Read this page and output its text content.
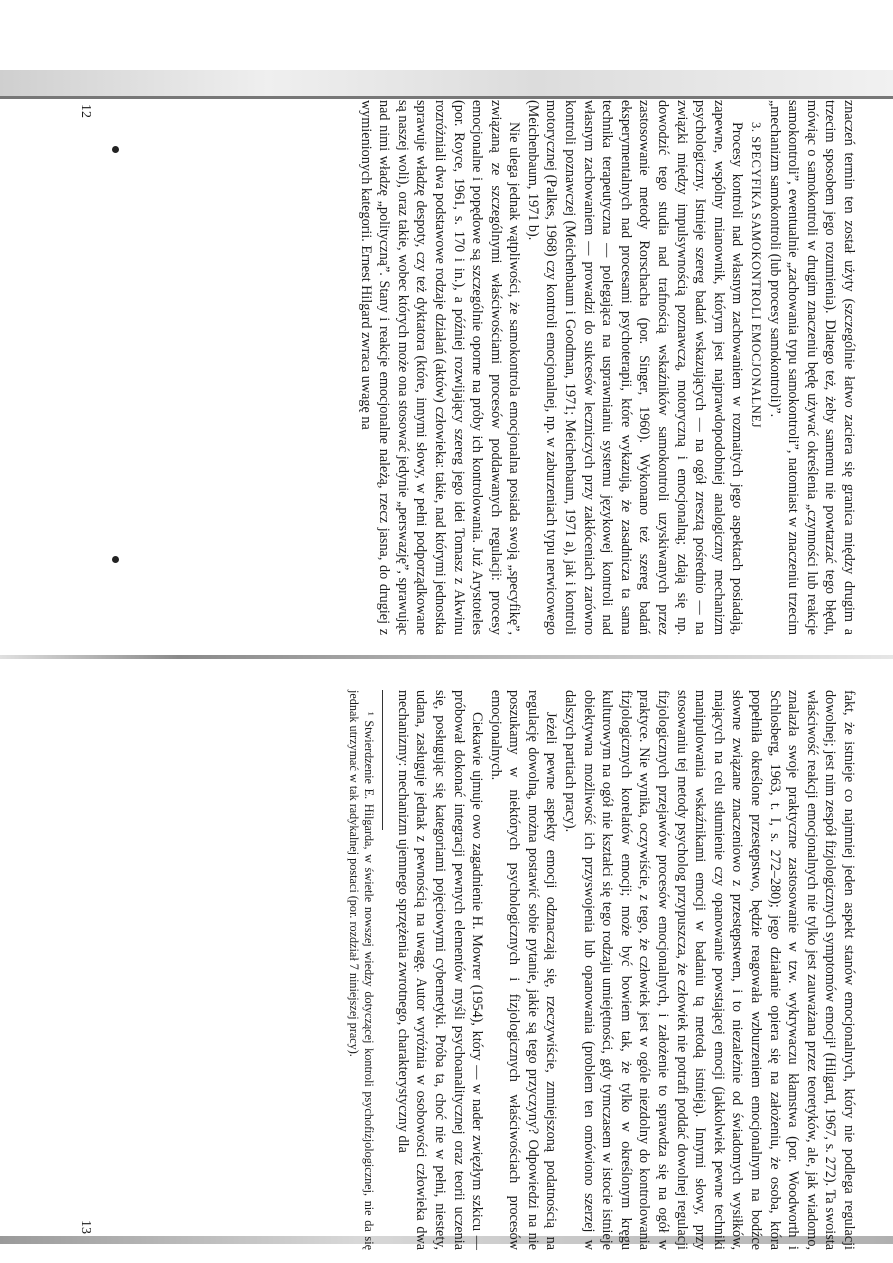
znaczeń termin ten został użyty (szczególnie łatwo zaciera się granica między drugim a trzecim sposobem jego rozumienia). Dlatego też, żeby samemu nie powtarzać tego błędu, mówiąc o samokontroli w drugim znaczeniu będę używać określenia „czynności lub reakcje samokontroli”, ewentualnie „zachowania typu samokontroli”, natomiast w znaczeniu trzecim „mechanizm samokontroli (lub procesy samokontroli)”.

3. SPECYFIKA SAMOKONTROLI EMOCJONALNEJ

Procesy kontroli nad własnym zachowaniem w rozmaitych jego aspektach posiadają, zapewne, wspólny mianownik, którym jest najprawdopodobniej analogiczny mechanizm psychologiczny. Istnieje szereg badań wskazujących — na ogół zresztą pośrednio — na związki między impulsywnością poznawczą, motoryczną i emocjonalną; zdają się np. dowodzić tego studia nad trafnością wskaźników samokontroli uzyskiwanych przez zastosowanie metody Rorschacha (por. Singer, 1960). Wykonano też szereg badań eksperymentalnych nad procesami psychoterapii, które wykazują, że zasadnicza ta sama technika terapeutyczna — polegająca na usprawnianiu systemu językowej kontroli nad własnym zachowaniem — prowadzi do sukcesów leczniczych przy zakłóceniach zarówno kontroli poznawczej (Meichenbaum i Goodman, 1971; Meichenbaum, 1971 a), jak i kontroli motorycznej (Palkes, 1968) czy kontroli emocjonalnej, np. w zaburzeniach typu nerwicowego (Meichenbaum, 1971 b).

Nie ulega jednak wątpliwości, że samokontrola emocjonalna posiada swoją „specyfikę”, związaną ze szczególnymi właściwościami procesów poddawanych regulacji: procesy emocjonalne i popędowe są szczególnie oporne na próby ich kontrolowania. Już Arystoteles (por. Royce, 1961, s. 170 i in.), a później rozwijający szereg jego idei Tomasz z Akwinu rozróżniali dwa podstawowe rodzaje działań (aktów) człowieka: takie, nad którymi jednostka sprawuje władzę despoty, czy też dyktatora (które, innymi słowy, w pełni podporządkowane są naszej woli), oraz takie, wobec których może ona stosować jedynie „perswazję”, sprawując nad nimi władzę „polityczną”. Stany i reakcje emocjonalne należą, rzecz jasna, do drugiej z wymienionych kategorii. Ernest Hilgard zwraca uwagę na

12

fakt, że istnieje co najmniej jeden aspekt stanów emocjonalnych, który nie podlega regulacji dowolnej; jest nim zespół fizjologicznych symptomów emocji¹ (Hilgard, 1967, s. 272). Ta swoista właściwość reakcji emocjonalnych nie tylko jest zauważana przez teoretyków, ale, jak wiadomo, znalazła swoje praktyczne zastosowanie w tzw. wykrywaczu kłamstwa (por. Woodworth i Schlosberg, 1963, t. I, s. 272–280); jego działanie opiera się na założeniu, że osoba, która popełniła określone przestępstwo, będzie reagowała wzburzeniem emocjonalnym na bodźce słowne związane znaczeniowo z przestępstwem, i to niezależnie od świadomych wysiłków, mających na celu stłumienie czy opanowanie powstającej emocji (jakkolwiek pewne techniki manipulowania wskaźnikami emocji w badaniu tą metodą istnieją). Innymi słowy, przy stosowaniu tej metody psycholog przypuszcza, że człowiek nie potrafi poddać dowolnej regulacji fizjologicznych przejawów procesów emocjonalnych, i założenie to sprawdza się na ogół w praktyce. Nie wynika, oczywiście, z tego, że człowiek jest w ogóle niezdolny do kontrolowania fizjologicznych korelatów emocji; może być bowiem tak, że tylko w określonym kręgu kulturowym na ogół nie kształci się tego rodzaju umiejętności, gdy tymczasem w istocie istnieje obiektywna możliwość ich przyswojenia lub opanowania (problem ten omówiono szerzej w dalszych partiach pracy).

Jeżeli pewne aspekty emocji odznaczają się, rzeczywiście, zmniejszoną podatnością na regulację dowolną, można postawić sobie pytanie, jakie są tego przyczyny? Odpowiedzi na nie poszukamy w niektórych psychologicznych i fizjologicznych właściwościach procesów emocjonalnych.

Ciekawie ujmuje owo zagadnienie H. Mowrer (1954), który — w nader zwięzłym szkicu — próbował dokonać integracji pewnych elementów myśli psychoanalitycznej oraz teorii uczenia się, posługując się kategoriami pojęciowymi cybernetyki. Próba ta, choć nie w pełni, niestety, udana, zasługuje jednak z pewnością na uwagę. Autor wyróżnia w osobowości człowieka dwa mechanizmy: mechanizm ujemnego sprzężenia zwrotnego, charakterystyczny dla

¹ Stwierdzenie E. Hilgarda, w świetle nowszej wiedzy dotyczącej kontroli psychofizjologicznej, nie da się jednak utrzymać w tak radykalnej postaci (por. rozdział 7 niniejszej pracy).

13
